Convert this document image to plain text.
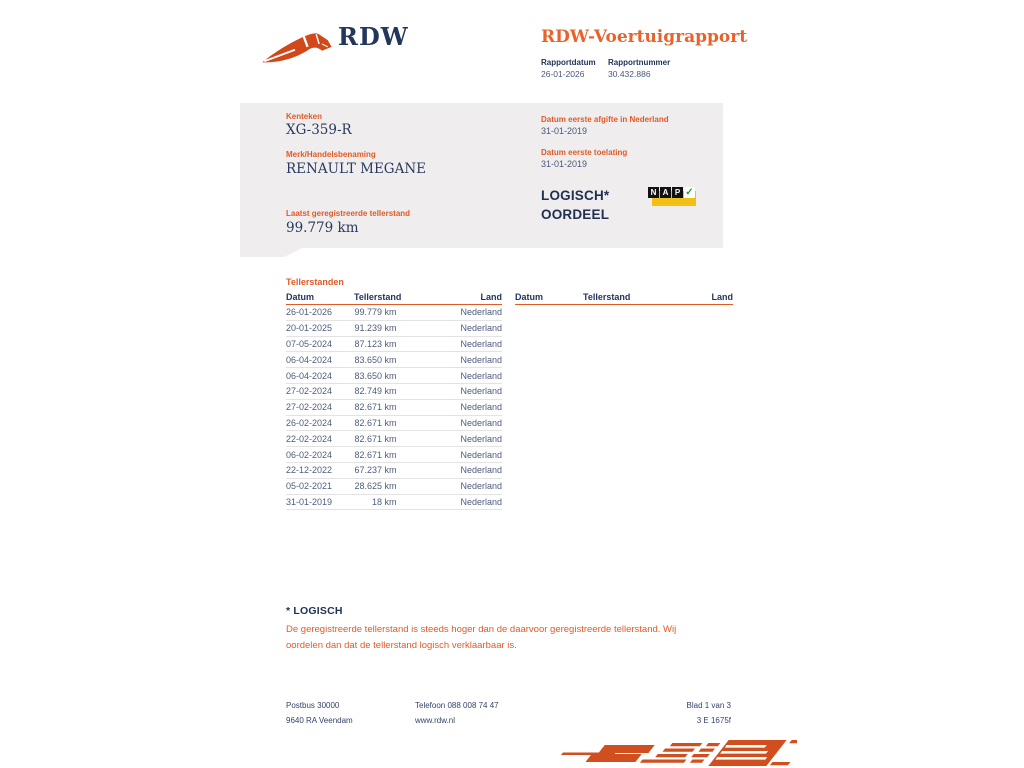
RDW	RDW-Voertuigrapport
Rapportdatum Rapportnummer
26-01-2026	30.432.886
Kenteken
XG-359-R
Merk/Handelsbenaming
RENAULT MEGANE
Laatst geregistreerde tellerstand
99.779 km
Datum eerste afgifte in Nederland
31-01-2019
Datum eerste toelating
31-01-2019
LOGISCH*
OORDEEL
N A P ✓
Tellerstanden
Datum	Tellerstand	Land
26-01-2026	99.779 km	Nederland
20-01-2025	91.239 km	Nederland
07-05-2024	87.123 km	Nederland
06-04-2024	83.650 km	Nederland
06-04-2024	83.650 km	Nederland
27-02-2024	82.749 km	Nederland
27-02-2024	82.671 km	Nederland
26-02-2024	82.671 km	Nederland
22-02-2024	82.671 km	Nederland
06-02-2024	82.671 km	Nederland
22-12-2022	67.237 km	Nederland
05-02-2021	28.625 km	Nederland
31-01-2019	18 km	Nederland
Datum	Tellerstand	Land
* LOGISCH
De geregistreerde tellerstand is steeds hoger dan de daarvoor geregistreerde tellerstand. Wij oordelen dan dat de tellerstand logisch verklaarbaar is.
Postbus 30000
9640 RA Veendam
Telefoon 088 008 74 47
www.rdw.nl
Blad 1 van 3
3 E 1675f
